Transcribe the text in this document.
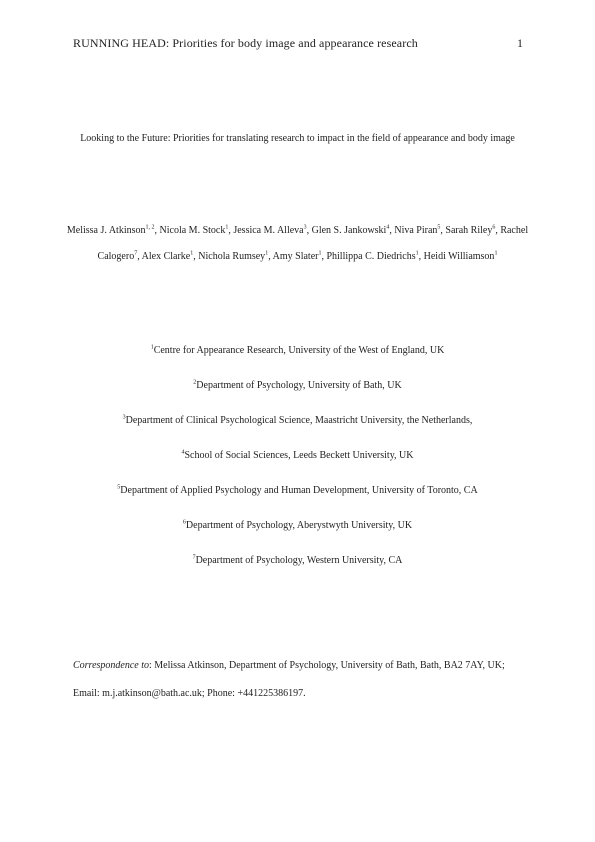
RUNNING HEAD: Priorities for body image and appearance research	1
Looking to the Future: Priorities for translating research to impact in the field of appearance and body image
Melissa J. Atkinson$^{1, 2}$, Nicola M. Stock$^1$, Jessica M. Alleva$^3$, Glen S. Jankowski$^4$, Niva Piran$^5$, Sarah Riley$^6$, Rachel Calogero$^7$, Alex Clarke$^1$, Nichola Rumsey$^1$, Amy Slater$^1$, Phillippa C. Diedrichs$^1$, Heidi Williamson$^1$
$^1$Centre for Appearance Research, University of the West of England, UK
$^2$Department of Psychology, University of Bath, UK
$^3$Department of Clinical Psychological Science, Maastricht University, the Netherlands,
$^4$School of Social Sciences, Leeds Beckett University, UK
$^5$Department of Applied Psychology and Human Development, University of Toronto, CA
$^6$Department of Psychology, Aberystwyth University, UK
$^7$Department of Psychology, Western University, CA
Correspondence to: Melissa Atkinson, Department of Psychology, University of Bath, Bath, BA2 7AY, UK; Email: m.j.atkinson@bath.ac.uk; Phone: +441225386197.
